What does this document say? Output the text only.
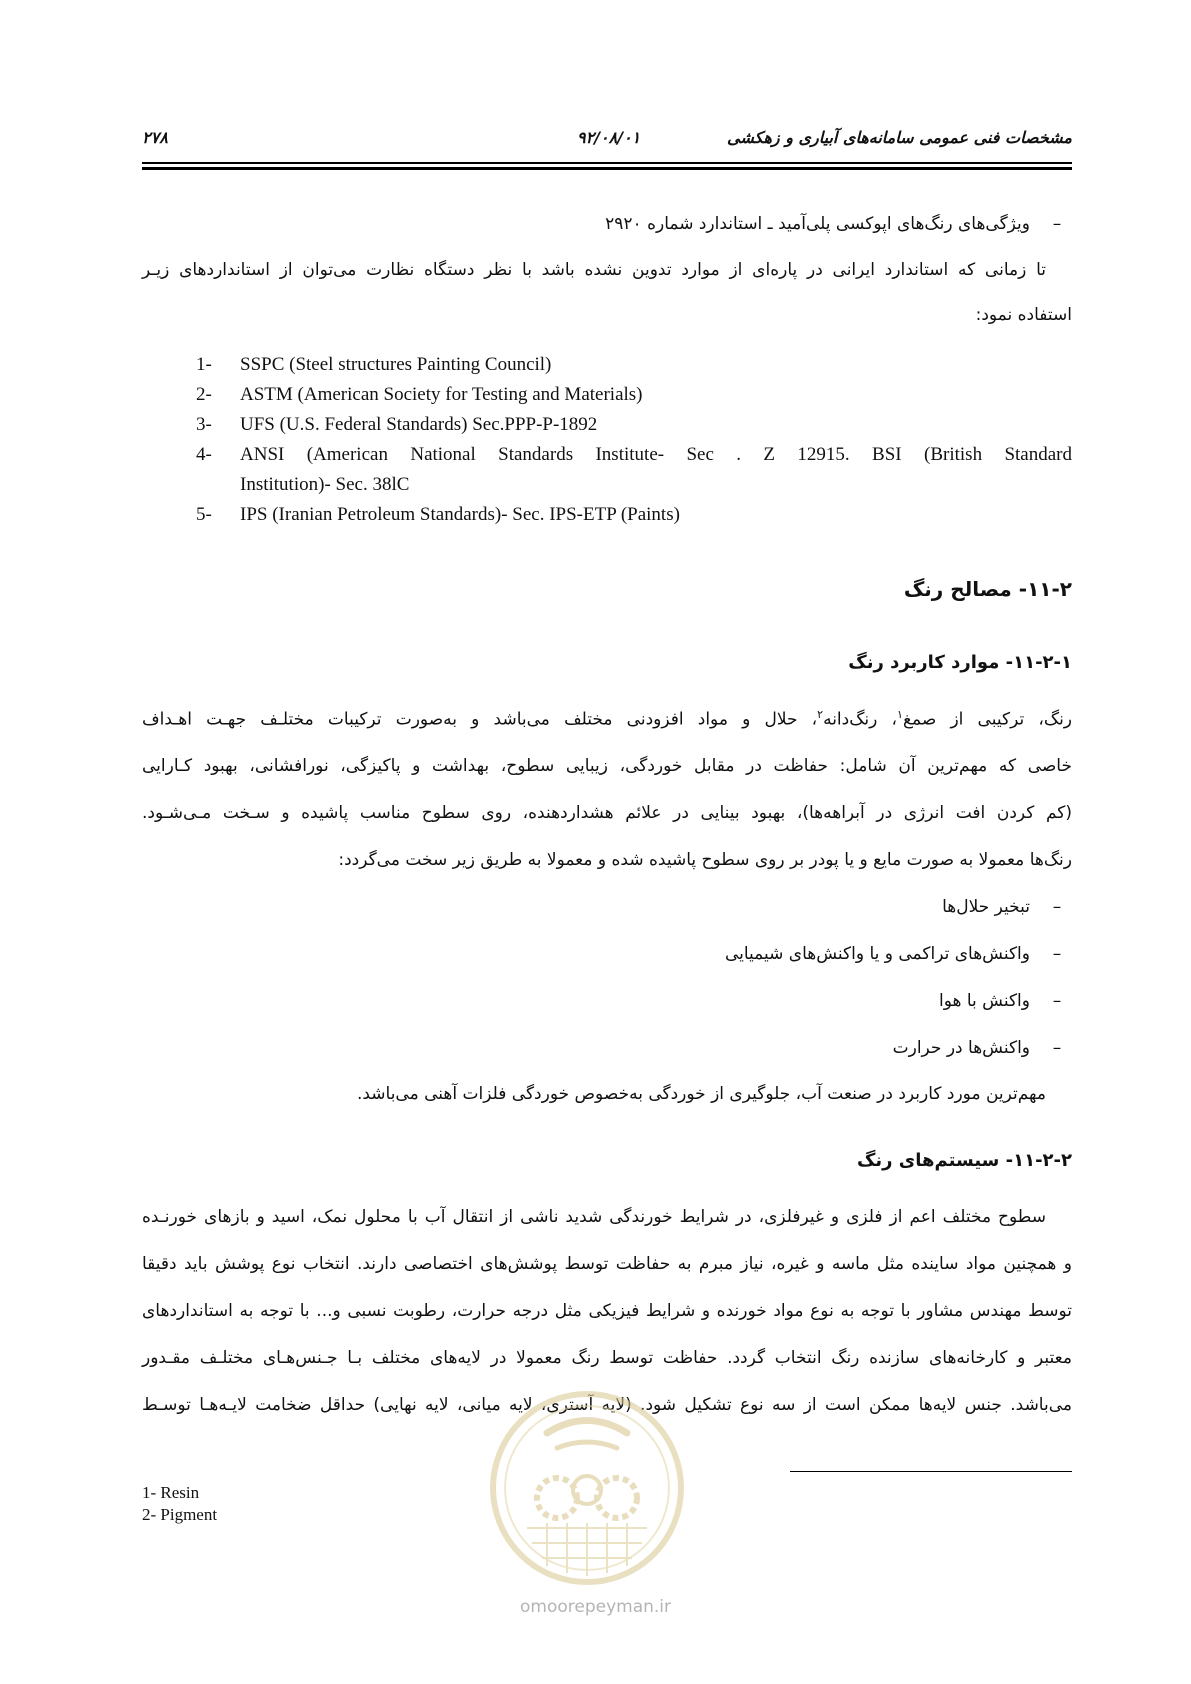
مشخصات فنی عمومی سامانه‌های آبیاری و زهکشی
۹۲/۰۸/۰۱
۲۷۸
–ویژگی‌های رنگ‌های اپوکسی پلی‌آمید ـ استاندارد شماره ۲۹۲۰
تا زمانی که استاندارد ایرانی در پاره‌ای از موارد تدوین نشده باشد با نظر دستگاه نظارت می‌توان از استانداردهای زیـر
استفاده نمود:
1-	SSPC (Steel structures Painting Council)
2-	ASTM (American Society for Testing and Materials)
3-	UFS (U.S. Federal Standards) Sec.PPP-P-1892
4-	ANSI (American National Standards Institute- Sec . Z 12915. BSI (British Standard
Institution)- Sec. 38lC
5-	IPS (Iranian Petroleum Standards)- Sec. IPS-ETP (Paints)
۱۱-۲- مصالح رنگ
۱۱-۲-۱- موارد کاربرد رنگ
رنگ، ترکیبی از صمغ$^۱$، رنگ‌دانه$^۲$، حلال و مواد افزودنی مختلف می‌باشد و به‌صورت ترکیبات مختلـف جهـت اهـداف
خاصی که مهم‌ترین آن شامل: حفاظت در مقابل خوردگی، زیبایی سطوح، بهداشت و پاکیزگی، نورافشانی، بهبود کـارایی
(کم کردن افت انرژی در آبراهه‌ها)، بهبود بینایی در علائم هشداردهنده، روی سطوح مناسب پاشیده و سـخت مـی‌شـود.
رنگ‌ها معمولا به صورت مایع و یا پودر بر روی سطوح پاشیده شده و معمولا به طریق زیر سخت می‌گردد:
–تبخیر حلال‌ها
–واکنش‌های تراکمی و یا واکنش‌های شیمیایی
–واکنش با هوا
–واکنش‌ها در حرارت
مهم‌ترین مورد کاربرد در صنعت آب، جلوگیری از خوردگی به‌خصوص خوردگی فلزات آهنی می‌باشد.
۱۱-۲-۲- سیستم‌های رنگ
سطوح مختلف اعم از فلزی و غیرفلزی، در شرایط خورندگی شدید ناشی از انتقال آب با محلول نمک، اسید و بازهای خورنـده
و همچنین مواد ساینده مثل ماسه و غیره، نیاز مبرم به حفاظت توسط پوشش‌های اختصاصی دارند. انتخاب نوع پوشش باید دقیقا
توسط مهندس مشاور با توجه به نوع مواد خورنده و شرایط فیزیکی مثل درجه حرارت، رطوبت نسبی و... با توجه به استانداردهای
معتبر و کارخانه‌های سازنده رنگ انتخاب گردد. حفاظت توسط رنگ معمولا در لایه‌های مختلف بـا جـنس‌هـای مختلـف مقـدور
می‌باشد. جنس لایه‌ها ممکن است از سه نوع تشکیل شود. (لایه آستری، لایه میانی، لایه نهایی) حداقل ضخامت لایـه‌هـا توسـط
omoorepeyman.ir
1- Resin
2- Pigment
